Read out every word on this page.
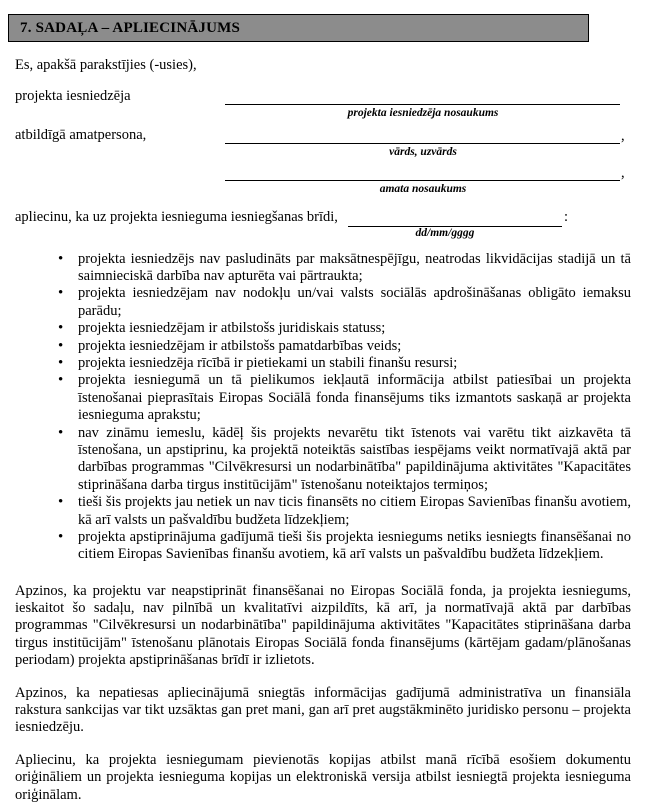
7. SADAĻA – APLIECINĀJUMS
Es, apakšā parakstījies (-usies),
projekta iesniedzēja
projekta iesniedzēja nosaukums
atbildīgā amatpersona,	,
vārds, uzvārds
,
amata nosaukums
apliecinu, ka uz projekta iesnieguma iesniegšanas brīdi,	:
dd/mm/gggg
• projekta iesniedzējs nav pasludināts par maksātnespējīgu, neatrodas likvidācijas stadijā un tā saimnieciskā darbība nav apturēta vai pārtraukta;
• projekta iesniedzējam nav nodokļu un/vai valsts sociālās apdrošināšanas obligāto iemaksu parādu;
• projekta iesniedzējam ir atbilstošs juridiskais statuss;
• projekta iesniedzējam ir atbilstošs pamatdarbības veids;
• projekta iesniedzēja rīcībā ir pietiekami un stabili finanšu resursi;
• projekta iesniegumā un tā pielikumos iekļautā informācija atbilst patiesībai un projekta īstenošanai pieprasītais Eiropas Sociālā fonda finansējums tiks izmantots saskaņā ar projekta iesnieguma aprakstu;
• nav zināmu iemeslu, kādēļ šis projekts nevarētu tikt īstenots vai varētu tikt aizkavēta tā īstenošana, un apstiprinu, ka projektā noteiktās saistības iespējams veikt normatīvajā aktā par darbības programmas "Cilvēkresursi un nodarbinātība" papildinājuma aktivitātes "Kapacitātes stiprināšana darba tirgus institūcijām" īstenošanu noteiktajos termiņos;
• tieši šis projekts jau netiek un nav ticis finansēts no citiem Eiropas Savienības finanšu avotiem, kā arī valsts un pašvaldību budžeta līdzekļiem;
• projekta apstiprinājuma gadījumā tieši šis projekta iesniegums netiks iesniegts finansēšanai no citiem Eiropas Savienības finanšu avotiem, kā arī valsts un pašvaldību budžeta līdzekļiem.

Apzinos, ka projektu var neapstiprināt finansēšanai no Eiropas Sociālā fonda, ja projekta iesniegums, ieskaitot šo sadaļu, nav pilnībā un kvalitatīvi aizpildīts, kā arī, ja normatīvajā aktā par darbības programmas "Cilvēkresursi un nodarbinātība" papildinājuma aktivitātes "Kapacitātes stiprināšana darba tirgus institūcijām" īstenošanu plānotais Eiropas Sociālā fonda finansējums (kārtējam gadam/plānošanas periodam) projekta apstiprināšanas brīdī ir izlietots.

Apzinos, ka nepatiesas apliecinājumā sniegtās informācijas gadījumā administratīva un finansiāla rakstura sankcijas var tikt uzsāktas gan pret mani, gan arī pret augstākminēto juridisko personu – projekta iesniedzēju.

Apliecinu, ka projekta iesniegumam pievienotās kopijas atbilst manā rīcībā esošiem dokumentu oriģināliem un projekta iesnieguma kopijas un elektroniskā versija atbilst iesniegtā projekta iesnieguma oriģinālam.
